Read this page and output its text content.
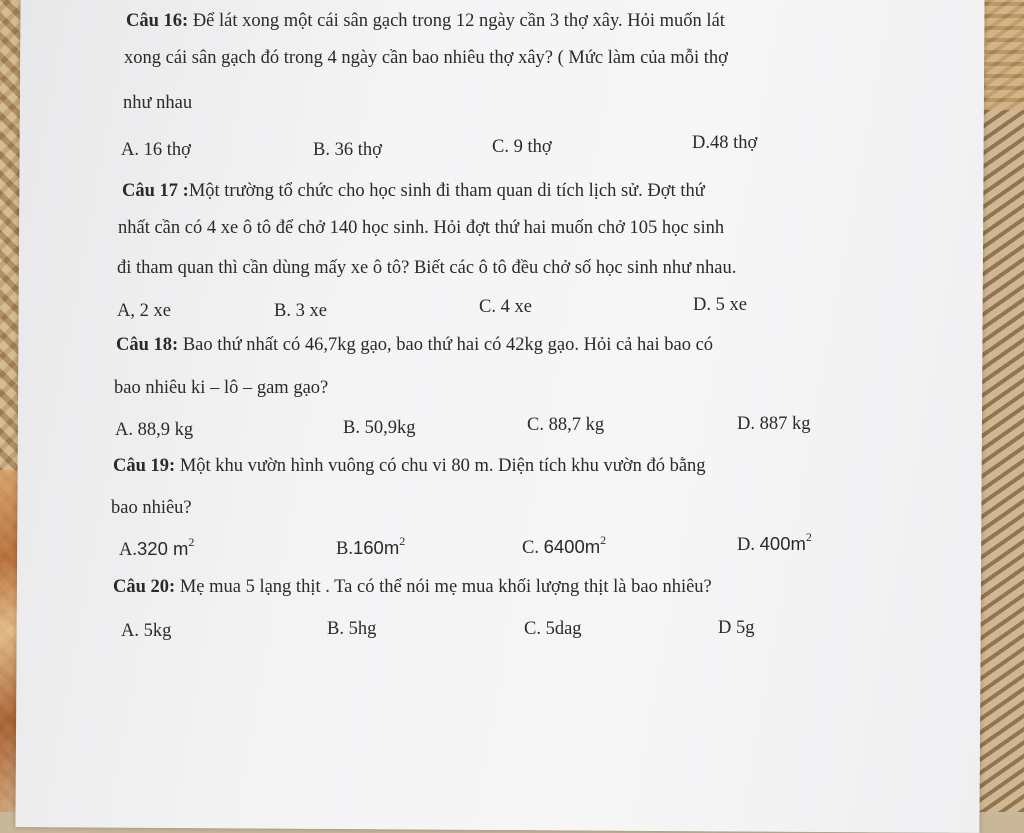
Câu 16: Để lát xong một cái sân gạch trong 12 ngày cần 3 thợ xây. Hỏi muốn lát
xong cái sân gạch đó trong 4 ngày cần bao nhiêu thợ xây? ( Mức làm của mỗi thợ
như nhau
A. 16 thợ	B. 36 thợ	C. 9 thợ	D.48 thợ
Câu 17 :Một trường tổ chức cho học sinh đi tham quan di tích lịch sử. Đợt thứ
nhất cần có 4 xe ô tô để chở 140 học sinh. Hỏi đợt thứ hai muốn chở 105 học sinh
đi tham quan thì cần dùng mấy xe ô tô? Biết các ô tô đều chở số học sinh như nhau.
A, 2 xe	B. 3 xe	C. 4 xe	D. 5 xe
Câu 18: Bao thứ nhất có 46,7kg gạo, bao thứ hai có 42kg gạo. Hỏi cả hai bao có
bao nhiêu ki – lô – gam gạo?
A. 88,9 kg	B. 50,9kg	C. 88,7 kg	D. 887 kg
Câu 19: Một khu vườn hình vuông có chu vi 80 m. Diện tích khu vườn đó bằng
bao nhiêu?
A.320 $m^2$	$B.160m^2$	C. $6400m^2$	D. $400m^2$
Câu 20: Mẹ mua 5 lạng thịt . Ta có thể nói mẹ mua khối lượng thịt là bao nhiêu?
A. 5kg	B. 5hg	C. 5dag	D 5g
